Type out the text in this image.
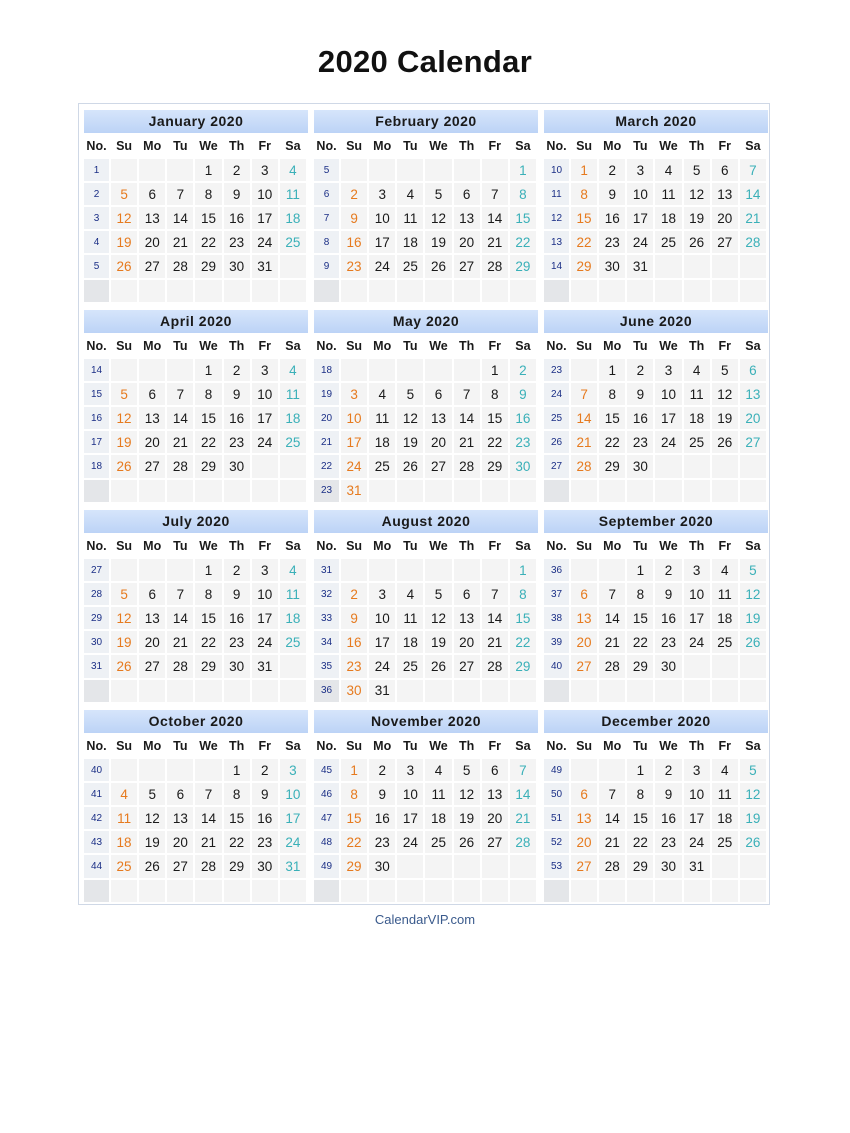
2020 Calendar
January 2020
No.	Su	Mo	Tu	We	Th	Fr	Sa
1				1	2	3	4
2	5	6	7	8	9	10	11
3	12	13	14	15	16	17	18
4	19	20	21	22	23	24	25
5	26	27	28	29	30	31	

February 2020
No.	Su	Mo	Tu	We	Th	Fr	Sa
5							1
6	2	3	4	5	6	7	8
7	9	10	11	12	13	14	15
8	16	17	18	19	20	21	22
9	23	24	25	26	27	28	29

March 2020
No.	Su	Mo	Tu	We	Th	Fr	Sa
10	1	2	3	4	5	6	7
11	8	9	10	11	12	13	14
12	15	16	17	18	19	20	21
13	22	23	24	25	26	27	28
14	29	30	31				

April 2020
No.	Su	Mo	Tu	We	Th	Fr	Sa
14				1	2	3	4
15	5	6	7	8	9	10	11
16	12	13	14	15	16	17	18
17	19	20	21	22	23	24	25
18	26	27	28	29	30		

May 2020
No.	Su	Mo	Tu	We	Th	Fr	Sa
18						1	2
19	3	4	5	6	7	8	9
20	10	11	12	13	14	15	16
21	17	18	19	20	21	22	23
22	24	25	26	27	28	29	30
23	31						
June 2020
No.	Su	Mo	Tu	We	Th	Fr	Sa
23		1	2	3	4	5	6
24	7	8	9	10	11	12	13
25	14	15	16	17	18	19	20
26	21	22	23	24	25	26	27
27	28	29	30				

July 2020
No.	Su	Mo	Tu	We	Th	Fr	Sa
27				1	2	3	4
28	5	6	7	8	9	10	11
29	12	13	14	15	16	17	18
30	19	20	21	22	23	24	25
31	26	27	28	29	30	31	

August 2020
No.	Su	Mo	Tu	We	Th	Fr	Sa
31							1
32	2	3	4	5	6	7	8
33	9	10	11	12	13	14	15
34	16	17	18	19	20	21	22
35	23	24	25	26	27	28	29
36	30	31					
September 2020
No.	Su	Mo	Tu	We	Th	Fr	Sa
36			1	2	3	4	5
37	6	7	8	9	10	11	12
38	13	14	15	16	17	18	19
39	20	21	22	23	24	25	26
40	27	28	29	30			

October 2020
No.	Su	Mo	Tu	We	Th	Fr	Sa
40					1	2	3
41	4	5	6	7	8	9	10
42	11	12	13	14	15	16	17
43	18	19	20	21	22	23	24
44	25	26	27	28	29	30	31

November 2020
No.	Su	Mo	Tu	We	Th	Fr	Sa
45	1	2	3	4	5	6	7
46	8	9	10	11	12	13	14
47	15	16	17	18	19	20	21
48	22	23	24	25	26	27	28
49	29	30					

December 2020
No.	Su	Mo	Tu	We	Th	Fr	Sa
49			1	2	3	4	5
50	6	7	8	9	10	11	12
51	13	14	15	16	17	18	19
52	20	21	22	23	24	25	26
53	27	28	29	30	31		

CalendarVIP.com
